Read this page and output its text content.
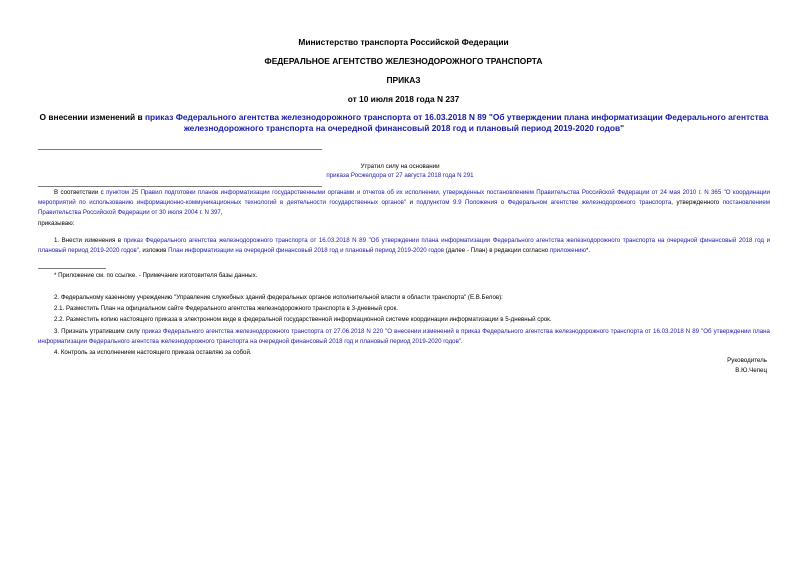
Министерство транспорта Российской Федерации
ФЕДЕРАЛЬНОЕ АГЕНТСТВО ЖЕЛЕЗНОДОРОЖНОГО ТРАНСПОРТА
ПРИКАЗ
от 10 июля 2018 года N 237
О внесении изменений в приказ Федерального агентства железнодорожного транспорта от 16.03.2018 N 89 "Об утверждении плана информатизации Федерального агентства железнодорожного транспорта на очередной финансовый 2018 год и плановый период 2019-2020 годов"
Утратил силу на основании
приказа Росжелдора от 27 августа 2018 года N 291

В соответствии с пунктом 25 Правил подготовки планов информатизации государственными органами и отчетов об их исполнении, утвержденных постановлением Правительства Российской Федерации от 24 мая 2010 г. N 365 "О координации мероприятий по использованию информационно-коммуникационных технологий в деятельности государственных органов" и подпунктом 9.9 Положения о Федеральном агентстве железнодорожного транспорта, утвержденного постановлением Правительства Российской Федерации от 30 июля 2004 г. N 397,

приказываю:

1. Внести изменения в приказ Федерального агентства железнодорожного транспорта от 16.03.2018 N 89 "Об утверждении плана информатизации Федерального агентства железнодорожного транспорта на очередной финансовый 2018 год и плановый период 2019-2020 годов", изложив План информатизации на очередной финансовый 2018 год и плановый период 2019-2020 годов (далее - План) в редакции согласно приложению*.

* Приложение см. по ссылке. - Примечание изготовителя базы данных.

2. Федеральному казенному учреждению "Управление служебных зданий федеральных органов исполнительной власти в области транспорта" (Е.В.Белов):

2.1. Разместить План на официальном сайте Федерального агентства железнодорожного транспорта в 3-дневный срок.

2.2. Разместить копию настоящего приказа в электронном виде в федеральной государственной информационной системе координации информатизации в 5-дневный срок.

3. Признать утратившим силу приказ Федерального агентства железнодорожного транспорта от 27.06.2018 N 220 "О внесении изменений в приказ Федерального агентства железнодорожного транспорта от 16.03.2018 N 89 "Об утверждении плана информатизации Федерального агентства железнодорожного транспорта на очередной финансовый 2018 год и плановый период 2019-2020 годов".

4. Контроль за исполнением настоящего приказа оставляю за собой.

Руководитель
В.Ю.Чепец
